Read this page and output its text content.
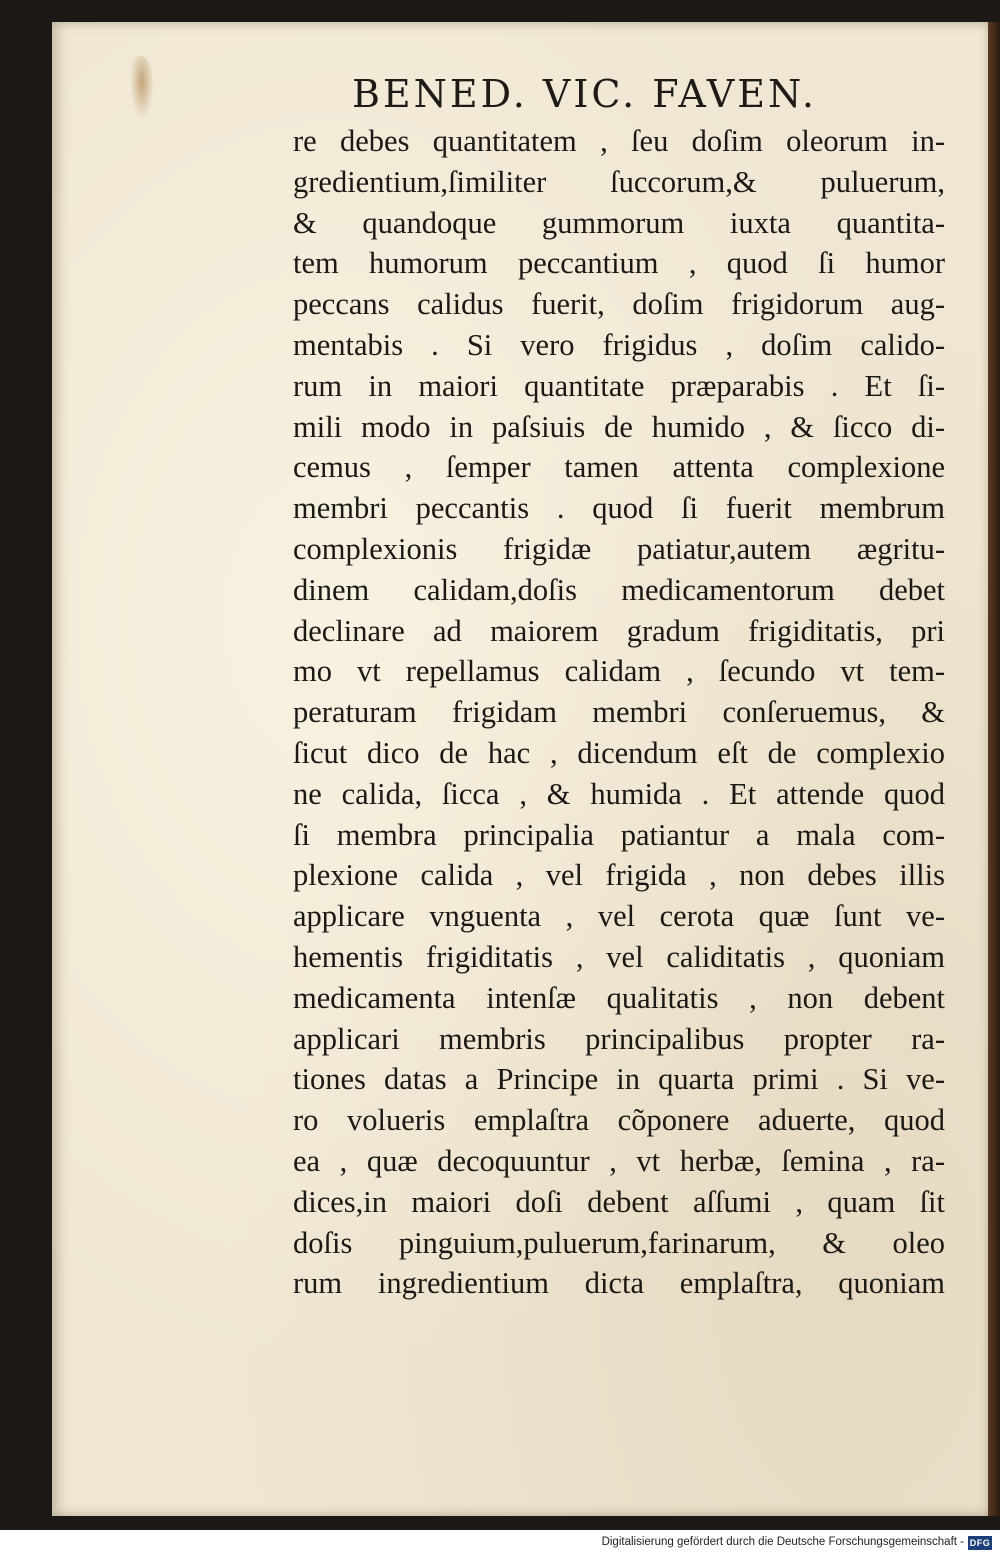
BENED. VIC. FAVEN.
re debes quantitatem , ſeu doſim oleorum in-
gredientium,ſimiliter ſuccorum,& puluerum,
& quandoque gummorum iuxta quantita-
tem humorum peccantium , quod ſi humor
peccans calidus fuerit, doſim frigidorum aug-
mentabis . Si vero frigidus , doſim calido-
rum in maiori quantitate præparabis . Et ſi-
mili modo in paſsiuis de humido , & ſicco di-
cemus , ſemper tamen attenta complexione
membri peccantis . quod ſi fuerit membrum
complexionis frigidæ patiatur,autem ægritu-
dinem calidam,doſis medicamentorum debet
declinare ad maiorem gradum frigiditatis, pri
mo vt repellamus calidam , ſecundo vt tem-
peraturam frigidam membri conſeruemus, &
ſicut dico de hac , dicendum eſt de complexio
ne calida, ſicca , & humida . Et attende quod
ſi membra principalia patiantur a mala com-
plexione calida , vel frigida , non debes illis
applicare vnguenta , vel cerota quæ ſunt ve-
hementis frigiditatis , vel caliditatis , quoniam
medicamenta intenſæ qualitatis , non debent
applicari membris principalibus propter ra-
tiones datas a Principe in quarta primi . Si ve-
ro volueris emplaſtra cõponere aduerte, quod
ea , quæ decoquuntur , vt herbæ, ſemina , ra-
dices,in maiori doſi debent aſſumi , quam ſit
doſis pinguium,puluerum,farinarum, & oleo
rum ingredientium dicta emplaſtra, quoniam
Digitalisierung gefördert durch die Deutsche Forschungsgemeinschaft - DFG
